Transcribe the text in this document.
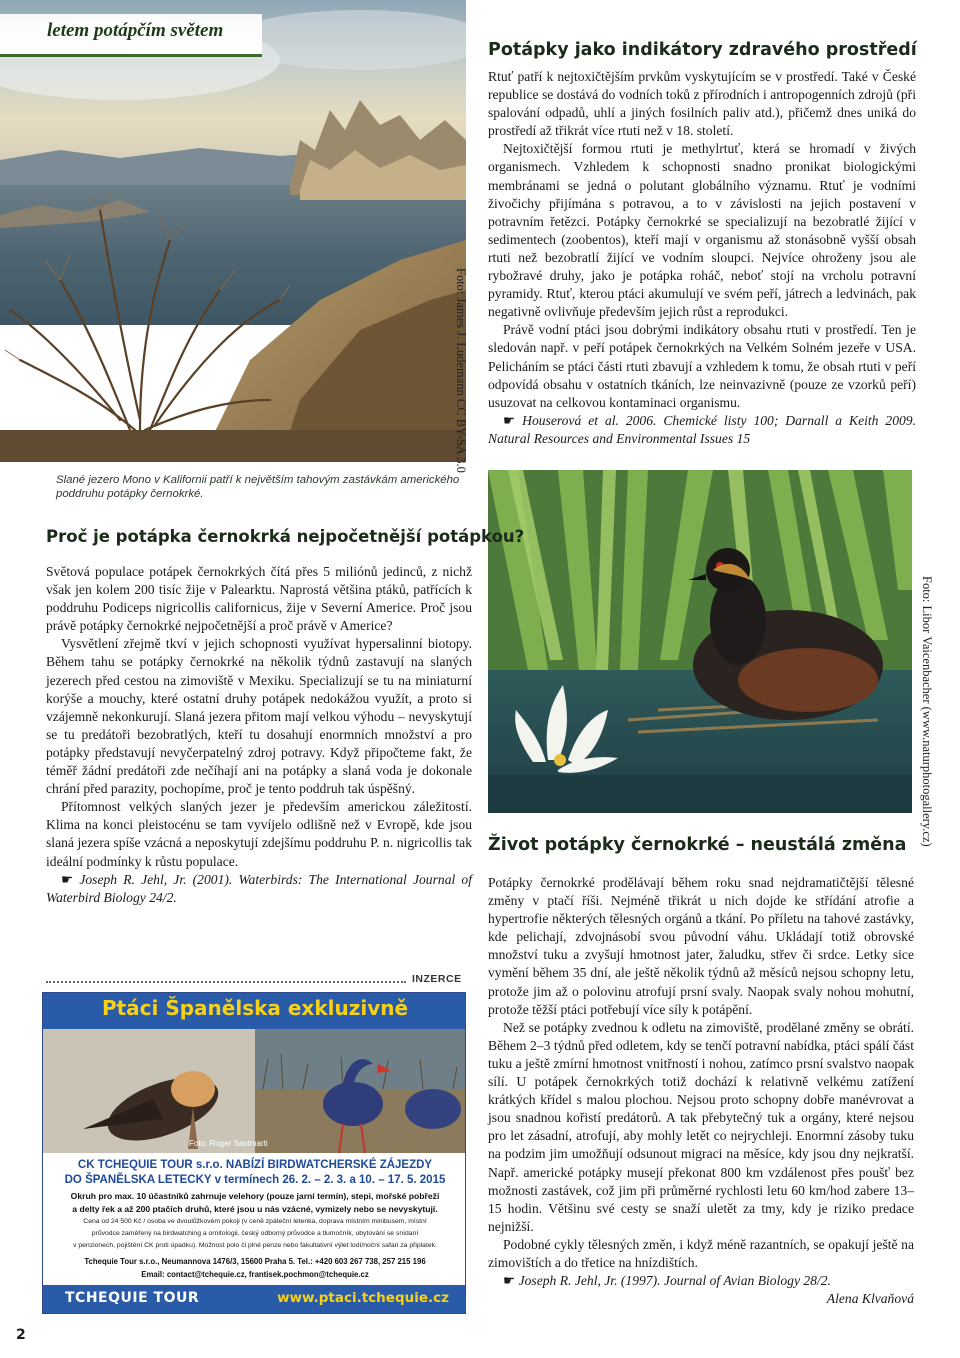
letem potápčím světem
Foto: James J. Ludemann CC BY-SA 3.0
Slané jezero Mono v Kalifornii patří k největším tahovým zastávkám amerického poddruhu potápky černokrké.
Potápky jako indikátory zdravého prostředí

Rtuť patří k nejtoxičtějším prvkům vyskytujícím se v prostředí. Také v České republice se dostává do vodních toků z přírodních i antropogenních zdrojů (při spalování odpadů, uhlí a jiných fosilních paliv atd.), přičemž dnes uniká do prostředí až třikrát více rtuti než v 18. století.

Nejtoxičtější formou rtuti je methylrtuť, která se hromadí v živých organismech. Vzhledem k schopnosti snadno pronikat biologickými membránami se jedná o polutant globálního významu. Rtuť je vodními živočichy přijímána s potravou, a to v závislosti na jejich postavení v potravním řetězci. Potápky černokrké se specializují na bezobratlé žijící v sedimentech (zoobentos), kteří mají v organismu až stonásobně vyšší obsah rtuti než bezobratlí žijící ve vodním sloupci. Nejvíce ohroženy jsou ale rybožravé druhy, jako je potápka roháč, neboť stojí na vrcholu potravní pyramidy. Rtuť, kterou ptáci akumulují ve svém peří, játrech a ledvinách, pak negativně ovlivňuje především jejich růst a reprodukci.

Právě vodní ptáci jsou dobrými indikátory obsahu rtuti v prostředí. Ten je sledován např. v peří potápek černokrkých na Velkém Solném jezeře v USA. Pelicháním se ptáci části rtuti zbavují a vzhledem k tomu, že obsah rtuti v peří odpovídá obsahu v ostatních tkáních, lze neinvazivně (pouze ze vzorků peří) usuzovat na celkovou kontaminaci organismu.

☛ Houserová et al. 2006. Chemické listy 100; Darnall a Keith 2009. Natural Resources and Environmental Issues 15

Foto: Libor Vaicenbacher (www.naturphotogallery.cz)
Proč je potápka černokrká nejpočetnější potápkou?

Světová populace potápek černokrkých čítá přes 5 miliónů jedinců, z nichž však jen kolem 200 tisíc žije v Palearktu. Naprostá většina ptáků, patřících k poddruhu Podiceps nigricollis californicus, žije v Severní Americe. Proč jsou právě potápky černokrké nejpočetnější a proč právě v Americe?

Vysvětlení zřejmě tkví v jejich schopnosti využívat hypersalinní biotopy. Během tahu se potápky černokrké na několik týdnů zastavují na slaných jezerech před cestou na zimoviště v Mexiku. Specializují se tu na miniaturní korýše a mouchy, které ostatní druhy potápek nedokážou využít, a proto si vzájemně nekonkurují. Slaná jezera přitom mají velkou výhodu – nevyskytují se tu predátoři bezobratlých, kteří tu dosahují enormních množství a pro potápky představují nevyčerpatelný zdroj potravy. Když připočteme fakt, že téměř žádní predátoři zde nečíhají ani na potápky a slaná voda je dokonale chrání před parazity, pochopíme, proč je tento poddruh tak úspěšný.

Přítomnost velkých slaných jezer je především americkou záležitostí. Klima na konci pleistocénu se tam vyvíjelo odlišně než v Evropě, kde jsou slaná jezera spíše vzácná a neposkytují zdejšímu poddruhu P. n. nigricollis tak ideální podmínky k růstu populace.

☛ Joseph R. Jehl, Jr. (2001). Waterbirds: The International Journal of Waterbird Biology 24/2.

Život potápky černokrké – neustálá změna

Potápky černokrké prodělávají během roku snad nejdramatičtější tělesné změny v ptačí říši. Nejméně třikrát u nich dojde ke střídání atrofie a hypertrofie některých tělesných orgánů a tkání. Po příletu na tahové zastávky, kde pelichají, zdvojnásobí svou původní váhu. Ukládají totiž obrovské množství tuku a zvyšují hmotnost jater, žaludku, střev či srdce. Letky sice vymění během 35 dní, ale ještě několik týdnů až měsíců nejsou schopny letu, protože jim až o polovinu atrofují prsní svaly. Naopak svaly nohou mohutní, protože těžší ptáci potřebují více síly k potápění.

Než se potápky zvednou k odletu na zimoviště, prodělané změny se obrátí. Během 2–3 týdnů před odletem, kdy se tenčí potravní nabídka, ptáci spálí část tuku a ještě zmírní hmotnost vnitřností i nohou, zatímco prsní svalstvo naopak sílí. U potápek černokrkých totiž dochází k relativně velkému zatížení krátkých křídel s malou plochou. Nejsou proto schopny dobře manévrovat a jsou snadnou kořistí predátorů. A tak přebytečný tuk a orgány, které nejsou pro let zásadní, atrofují, aby mohly letět co nejrychleji. Enormní zásoby tuku na podzim jim umožňují odsunout migraci na měsíce, kdy jsou dny nejkratší. Např. americké potápky musejí překonat 800 km vzdálenost přes poušť bez možnosti zastávek, což jim při průměrné rychlosti letu 60 km/hod zabere 13–15 hodin. Většinu své cesty se snaží uletět za tmy, kdy je riziko predace nejnižší.

Podobné cykly tělesných změn, i když méně razantních, se opakují ještě na zimovištích a do třetice na hnízdištích.

☛ Joseph R. Jehl, Jr. (1997). Journal of Avian Biology 28/2.

Alena Klvaňová
INZERCE
Ptáci Španělska exkluzivně
Foto: Roger Santmarti
CK TCHEQUIE TOUR s.r.o. NABÍZÍ BIRDWATCHERSKÉ ZÁJEZDY
DO ŠPANĚLSKA LETECKY v termínech 26. 2. – 2. 3. a 10. – 17. 5. 2015
Okruh pro max. 10 účastníků zahrnuje velehory (pouze jarní termín), stepi, mořské pobřeží
a delty řek a až 200 ptačích druhů, které jsou u nás vzácné, vymizely nebo se nevyskytují.
Cena od 24 500 Kč / osoba ve dvoulůžkovém pokoji (v ceně zpáteční letenka, doprava místním minibusem, místní
průvodce zaměřený na birdwatching a ornitologii, český odborný průvodce a tlumočník, ubytování se snídaní
v penzionech, pojištění CK proti úpadku). Možnost polo či plné penze nebo fakultativní výlet lodí/noční safari za připlatek.
Tchequie Tour s.r.o., Neumannova 1476/3, 15600 Praha 5. Tel.: +420 603 267 738, 257 215 196
Email: contact@tchequie.cz, frantisek.pochmon@tchequie.cz
TCHEQUIE TOUR	www.ptaci.tchequie.cz
2
